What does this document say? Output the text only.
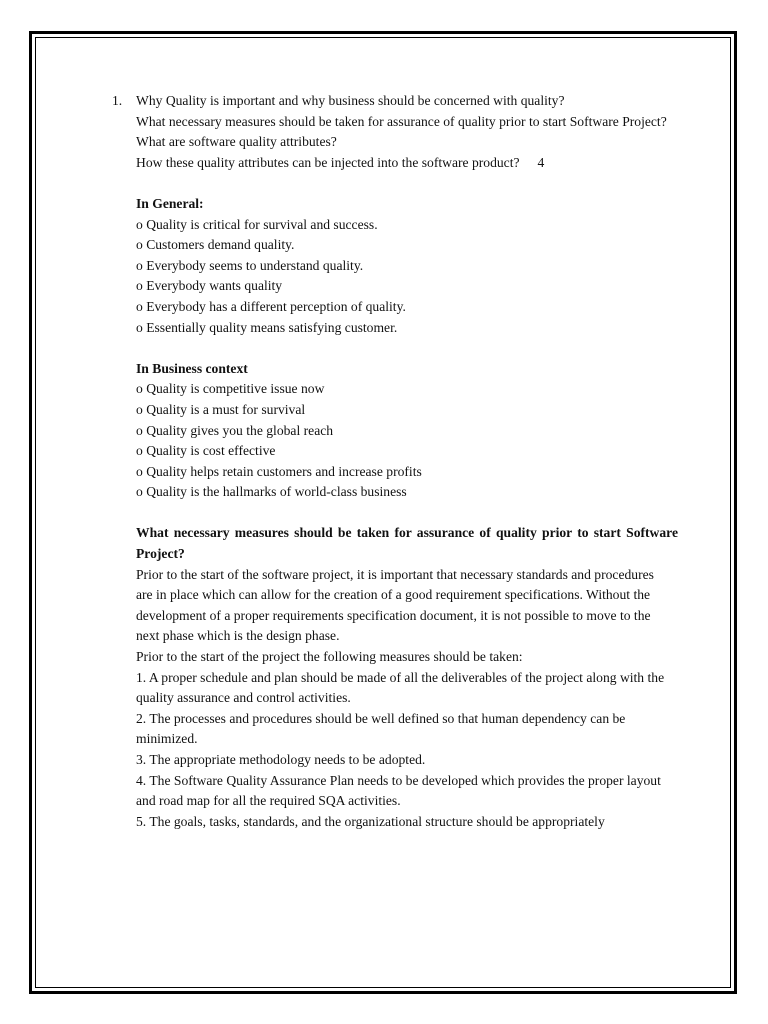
1. Why Quality is important and why business should be concerned with quality?
What necessary measures should be taken for assurance of quality prior to start Software Project?
What are software quality attributes?
How these quality attributes can be injected into the software product? 4
In General:
o Quality is critical for survival and success.
o Customers demand quality.
o Everybody seems to understand quality.
o Everybody wants quality
o Everybody has a different perception of quality.
o Essentially quality means satisfying customer.
In Business context
o Quality is competitive issue now
o Quality is a must for survival
o Quality gives you the global reach
o Quality is cost effective
o Quality helps retain customers and increase profits
o Quality is the hallmarks of world-class business
What necessary measures should be taken for assurance of quality prior to start Software Project?
Prior to the start of the software project, it is important that necessary standards and procedures
are in place which can allow for the creation of a good requirement specifications. Without the
development of a proper requirements specification document, it is not possible to move to the
next phase which is the design phase.
Prior to the start of the project the following measures should be taken:
1. A proper schedule and plan should be made of all the deliverables of the project along with the quality assurance and control activities.
2. The processes and procedures should be well defined so that human dependency can be minimized.
3. The appropriate methodology needs to be adopted.
4. The Software Quality Assurance Plan needs to be developed which provides the proper layout and road map for all the required SQA activities.
5. The goals, tasks, standards, and the organizational structure should be appropriately
